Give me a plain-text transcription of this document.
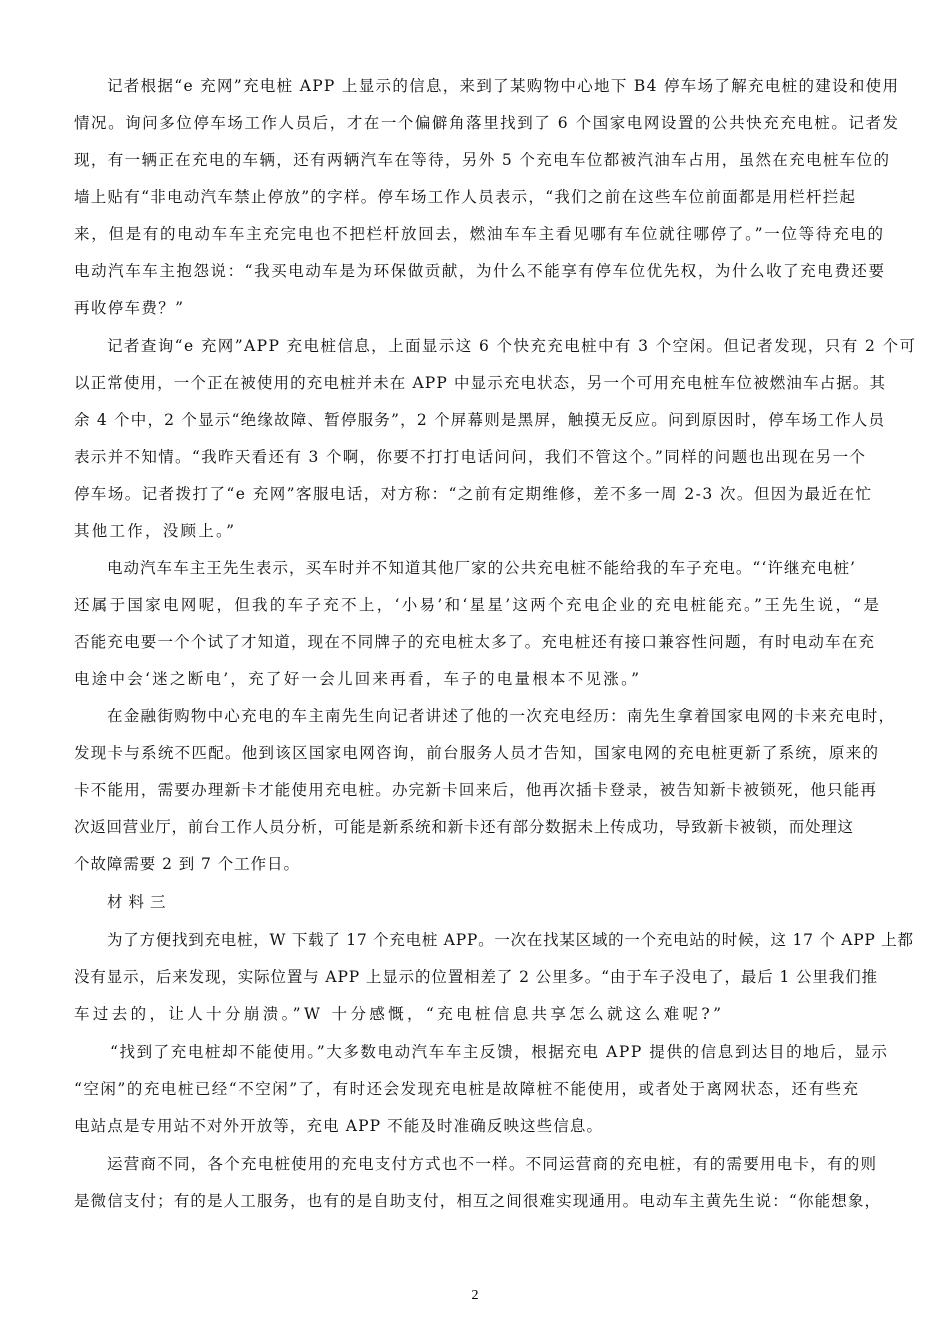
记者根据“e 充网”充电桩 APP 上显示的信息，来到了某购物中心地下 B4 停车场了解充电桩的建设和使用
情况。询问多位停车场工作人员后，才在一个偏僻角落里找到了 6 个国家电网设置的公共快充充电桩。记者发
现，有一辆正在充电的车辆，还有两辆汽车在等待，另外 5 个充电车位都被汽油车占用，虽然在充电桩车位的
墙上贴有“非电动汽车禁止停放”的字样。停车场工作人员表示，“我们之前在这些车位前面都是用栏杆拦起
来，但是有的电动车车主充完电也不把栏杆放回去，燃油车车主看见哪有车位就往哪停了。”一位等待充电的
电动汽车车主抱怨说：“我买电动车是为环保做贡献，为什么不能享有停车位优先权，为什么收了充电费还要
再收停车费？”
记者查询“e 充网”APP 充电桩信息，上面显示这 6 个快充充电桩中有 3 个空闲。但记者发现，只有 2 个可
以正常使用，一个正在被使用的充电桩并未在 APP 中显示充电状态，另一个可用充电桩车位被燃油车占据。其
余 4 个中，2 个显示“绝缘故障、暂停服务”，2 个屏幕则是黑屏，触摸无反应。问到原因时，停车场工作人员
表示并不知情。“我昨天看还有 3 个啊，你要不打打电话问问，我们不管这个。”同样的问题也出现在另一个
停车场。记者拨打了“e 充网”客服电话，对方称：“之前有定期维修，差不多一周 2-3 次。但因为最近在忙
其他工作，没顾上。”
电动汽车车主王先生表示，买车时并不知道其他厂家的公共充电桩不能给我的车子充电。“‘许继充电桩’
还属于国家电网呢，但我的车子充不上，‘小易’和‘星星’这两个充电企业的充电桩能充。”王先生说，“是
否能充电要一个个试了才知道，现在不同牌子的充电桩太多了。充电桩还有接口兼容性问题，有时电动车在充
电途中会‘迷之断电’，充了好一会儿回来再看，车子的电量根本不见涨。”
在金融街购物中心充电的车主南先生向记者讲述了他的一次充电经历：南先生拿着国家电网的卡来充电时，
发现卡与系统不匹配。他到该区国家电网咨询，前台服务人员才告知，国家电网的充电桩更新了系统，原来的
卡不能用，需要办理新卡才能使用充电桩。办完新卡回来后，他再次插卡登录，被告知新卡被锁死，他只能再
次返回营业厅，前台工作人员分析，可能是新系统和新卡还有部分数据未上传成功，导致新卡被锁，而处理这
个故障需要 2 到 7 个工作日。
材料三
为了方便找到充电桩，W 下载了 17 个充电桩 APP。一次在找某区域的一个充电站的时候，这 17 个 APP 上都
没有显示，后来发现，实际位置与 APP 上显示的位置相差了 2 公里多。“由于车子没电了，最后 1 公里我们推
车过去的，让人十分崩溃。”W 十分感慨，“充电桩信息共享怎么就这么难呢?”
“找到了充电桩却不能使用。”大多数电动汽车车主反馈，根据充电 APP 提供的信息到达目的地后，显示
“空闲”的充电桩已经“不空闲”了，有时还会发现充电桩是故障桩不能使用，或者处于离网状态，还有些充
电站点是专用站不对外开放等，充电 APP 不能及时准确反映这些信息。
运营商不同，各个充电桩使用的充电支付方式也不一样。不同运营商的充电桩，有的需要用电卡，有的则
是微信支付；有的是人工服务，也有的是自助支付，相互之间很难实现通用。电动车主黄先生说：“你能想象，
2
